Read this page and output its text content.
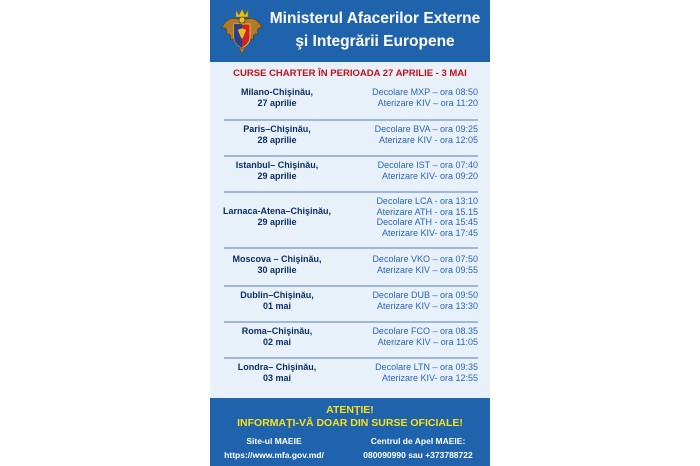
Ministerul Afacerilor Externe
şi Integrării Europene
CURSE CHARTER ÎN PERIOADA 27 APRILIE - 3 MAI
Milano-Chişinău,
27 aprilie
Decolare MXP – ora 08:50
Aterizare KIV – ora 11:20
Paris–Chişinău,
28 aprilie
Decolare BVA – ora 09:25
Aterizare KIV - ora 12:05
Istanbul– Chişinău,
29 aprilie
Decolare IST – ora 07:40
Aterizare KIV- ora 09:20
Larnaca-Atena–Chişinău,
29 aprilie
Decolare LCA - ora 13:10
Aterizare ATH - ora 15.15
Decolare ATH - ora 15:45
Aterizare KIV- ora 17:45
Moscova – Chişinău,
30 aprilie
Decolare VKO – ora 07:50
Aterizare KIV – ora 09:55
Dublin–Chişinău,
01 mai
Decolare DUB – ora 09:50
Aterizare KIV – ora 13:30
Roma–Chişinău,
02 mai
Decolare FCO – ora 08.35
Aterizare KIV – ora 11:05
Londra– Chişinău,
03 mai
Decolare LTN – ora 09:35
Aterizare KIV- ora 12:55
ATENŢIE!
INFORMAŢI-VĂ DOAR DIN SURSE OFICIALE!
Site-ul MAEIE
https://www.mfa.gov.md/
Centrul de Apel MAEIE:
080090990 sau +373788722
